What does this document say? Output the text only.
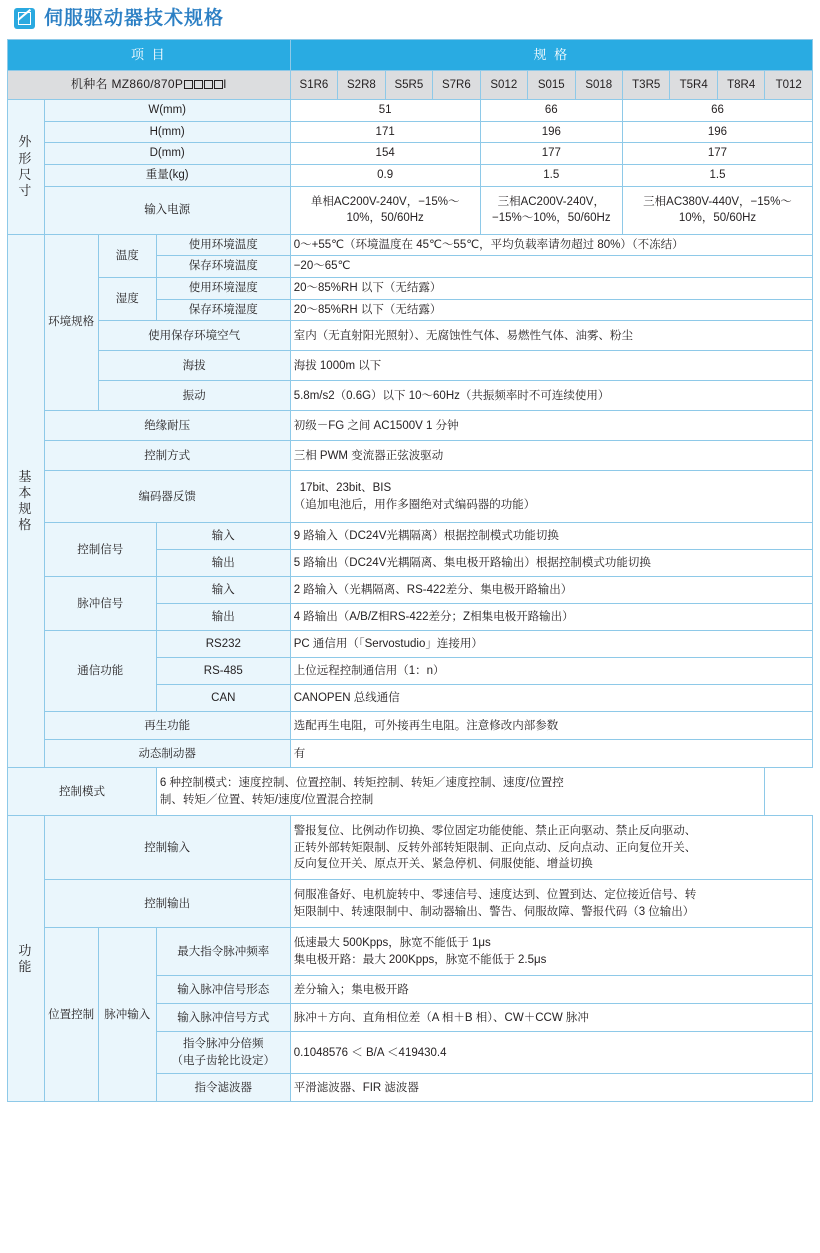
伺服驱动器技术规格
项 目				规 格										
机种名 MZ860/870P I				S1R6	S2R8	S5R5	S7R6	S012	S015	S018	T3R5	T5R4	T8R4	T012

外形尺寸	W(mm)			51				66			66			
	H(mm)			171				196			196			
	D(mm)			154				177			177			
	重量(kg)			0.9				1.5			1.5			
	输入电源			单相AC200V-240V，−15%～10%，50/60Hz				三相AC200V-240V，−15%～10%，50/60Hz			三相AC380V-440V，−15%～10%，50/60Hz			

基本规格	环境规格	温度	使用环境温度	0～+55℃（环境温度在 45℃～55℃，平均负载率请勿超过 80%）（不冻结）										
			保存环境温度	−20～65℃										
		湿度	使用环境湿度	20～85%RH 以下（无结露）										
			保存环境湿度	20～85%RH 以下（无结露）										
		使用保存环境空气		室内（无直射阳光照射）、无腐蚀性气体、易燃性气体、油雾、粉尘										
		海拔		海拔 1000m 以下										
		振动		5.8m/s2（0.6G）以下 10～60Hz（共振频率时不可连续使用）										
	绝缘耐压			初级－FG 之间 AC1500V 1 分钟										
	控制方式			三相 PWM 变流器正弦波驱动										
	编码器反馈			17bit、23bit、BIS
（追加电池后，用作多圈绝对式编码器的功能）										

	控制信号		输入	9 路输入（DC24V光耦隔离）根据控制模式功能切换										
			输出	5 路输出（DC24V光耦隔离、集电极开路输出）根据控制模式功能切换										
	脉冲信号		输入	2 路输入（光耦隔离、RS-422差分、集电极开路输出）										
			输出	4 路输出（A/B/Z相RS-422差分；Z相集电极开路输出）										
	通信功能		RS232	PC 通信用（「Servostudio」连接用）										
			RS-485	上位远程控制通信用（1：n）										
			CAN	CANOPEN 总线通信										
	再生功能			选配再生电阻，可外接再生电阻。注意修改内部参数										
	动态制动器			有										
控制模式			6 种控制模式：速度控制、位置控制、转矩控制、转矩／速度控制、速度/位置控
制、转矩／位置、转矩/速度/位置混合控制											

功能	控制输入			警报复位、比例动作切换、零位固定功能使能、禁止正向驱动、禁止反向驱动、
正转外部转矩限制、反转外部转矩限制、正向点动、反向点动、正向复位开关、
反向复位开关、原点开关、紧急停机、伺服使能、增益切换										

	控制输出			伺服准备好、电机旋转中、零速信号、速度达到、位置到达、定位接近信号、转
矩限制中、转速限制中、制动器输出、警告、伺服故障、警报代码（3 位输出）										

	位置控制	脉冲输入	最大指令脉冲频率	低速最大 500Kpps，脉宽不能低于 1μs
集电极开路：最大 200Kpps，脉宽不能低于 2.5μs										

			输入脉冲信号形态	差分输入；集电极开路										
			输入脉冲信号方式	脉冲＋方向、直角相位差（A 相＋B 相）、CW＋CCW 脉冲										

			指令脉冲分倍频
（电子齿轮比设定）	0.1048576 ＜ B/A ＜419430.4										
			指令滤波器	平滑滤波器、FIR 滤波器										
